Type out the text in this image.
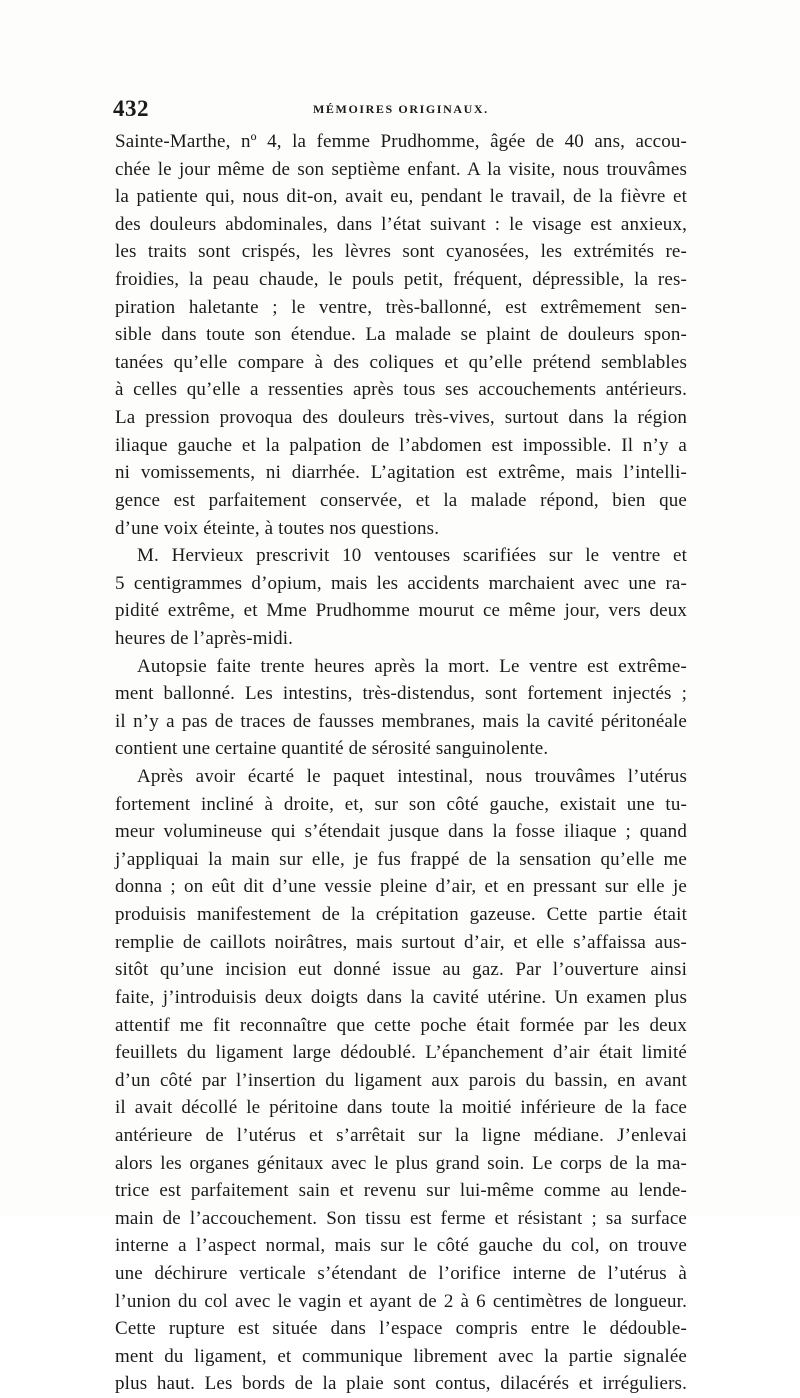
432	MÉMOIRES ORIGINAUX.
Sainte-Marthe, nº 4, la femme Prudhomme, âgée de 40 ans, accou-
chée le jour même de son septième enfant. A la visite, nous trouvâmes
la patiente qui, nous dit-on, avait eu, pendant le travail, de la fièvre et
des douleurs abdominales, dans l’état suivant : le visage est anxieux,
les traits sont crispés, les lèvres sont cyanosées, les extrémités re-
froidies, la peau chaude, le pouls petit, fréquent, dépressible, la res-
piration haletante ; le ventre, très-ballonné, est extrêmement sen-
sible dans toute son étendue. La malade se plaint de douleurs spon-
tanées qu’elle compare à des coliques et qu’elle prétend semblables
à celles qu’elle a ressenties après tous ses accouchements antérieurs.
La pression provoqua des douleurs très-vives, surtout dans la région
iliaque gauche et la palpation de l’abdomen est impossible. Il n’y a
ni vomissements, ni diarrhée. L’agitation est extrême, mais l’intelli-
gence est parfaitement conservée, et la malade répond, bien que
d’une voix éteinte, à toutes nos questions.
M. Hervieux prescrivit 10 ventouses scarifiées sur le ventre et
5 centigrammes d’opium, mais les accidents marchaient avec une ra-
pidité extrême, et Mme Prudhomme mourut ce même jour, vers deux
heures de l’après-midi.
Autopsie faite trente heures après la mort. Le ventre est extrême-
ment ballonné. Les intestins, très-distendus, sont fortement injectés ;
il n’y a pas de traces de fausses membranes, mais la cavité péritonéale
contient une certaine quantité de sérosité sanguinolente.
Après avoir écarté le paquet intestinal, nous trouvâmes l’utérus
fortement incliné à droite, et, sur son côté gauche, existait une tu-
meur volumineuse qui s’étendait jusque dans la fosse iliaque ; quand
j’appliquai la main sur elle, je fus frappé de la sensation qu’elle me
donna ; on eût dit d’une vessie pleine d’air, et en pressant sur elle je
produisis manifestement de la crépitation gazeuse. Cette partie était
remplie de caillots noirâtres, mais surtout d’air, et elle s’affaissa aus-
sitôt qu’une incision eut donné issue au gaz. Par l’ouverture ainsi
faite, j’introduisis deux doigts dans la cavité utérine. Un examen plus
attentif me fit reconnaître que cette poche était formée par les deux
feuillets du ligament large dédoublé. L’épanchement d’air était limité
d’un côté par l’insertion du ligament aux parois du bassin, en avant
il avait décollé le péritoine dans toute la moitié inférieure de la face
antérieure de l’utérus et s’arrêtait sur la ligne médiane. J’enlevai
alors les organes génitaux avec le plus grand soin. Le corps de la ma-
trice est parfaitement sain et revenu sur lui-même comme au lende-
main de l’accouchement. Son tissu est ferme et résistant ; sa surface
interne a l’aspect normal, mais sur le côté gauche du col, on trouve
une déchirure verticale s’étendant de l’orifice interne de l’utérus à
l’union du col avec le vagin et ayant de 2 à 6 centimètres de longueur.
Cette rupture est située dans l’espace compris entre le dédouble-
ment du ligament, et communique librement avec la partie signalée
plus haut. Les bords de la plaie sont contus, dilacérés et irréguliers.
